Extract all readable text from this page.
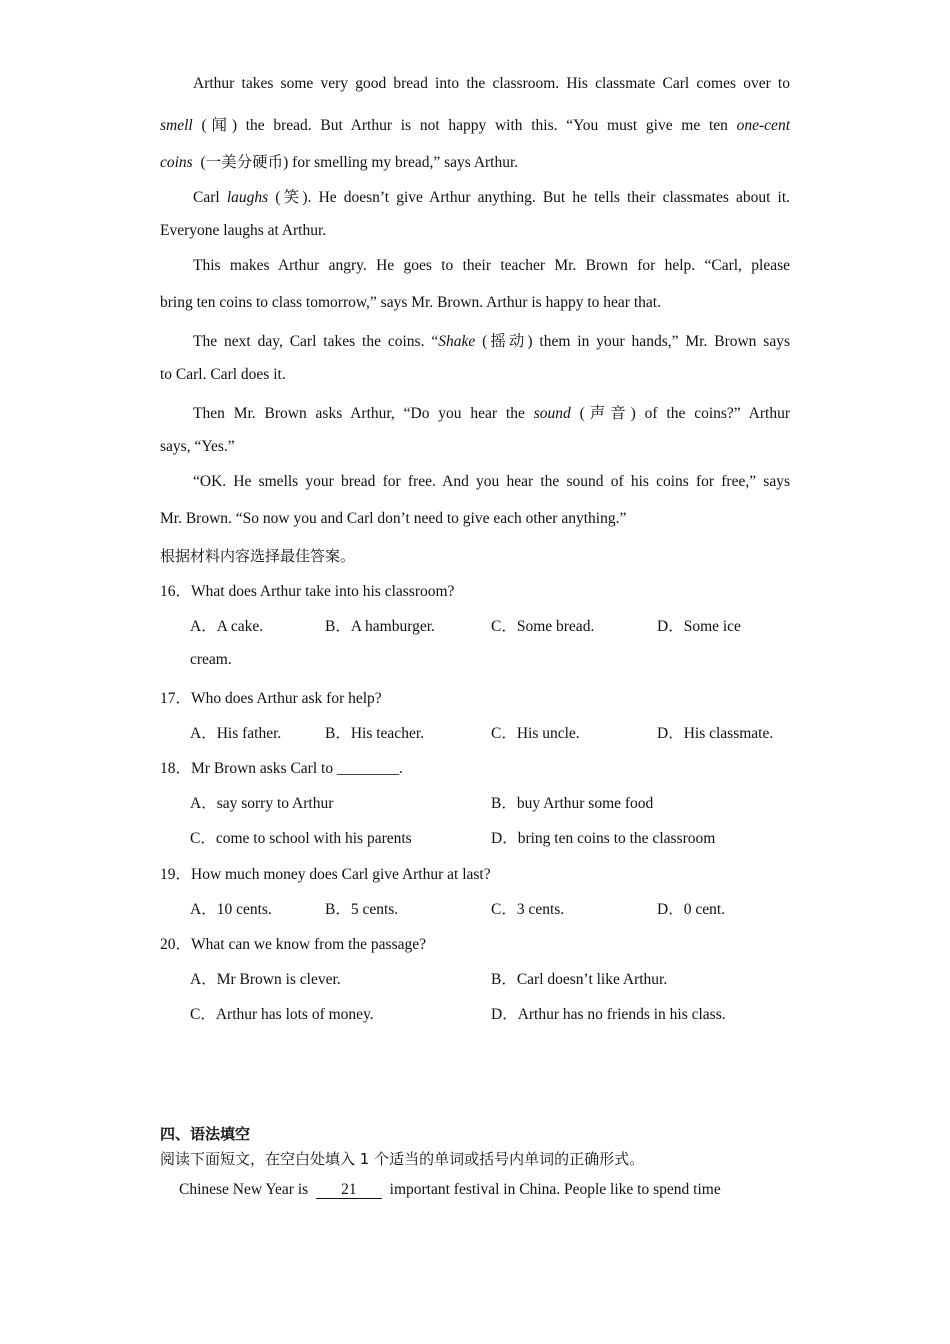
Arthur takes some very good bread into the classroom. His classmate Carl comes over to
smell (闻) the bread. But Arthur is not happy with this. “You must give me ten one-cent
coins (一美分硬币) for smelling my bread,” says Arthur.
Carl laughs (笑). He doesn’t give Arthur anything. But he tells their classmates about it.
Everyone laughs at Arthur.
This makes Arthur angry. He goes to their teacher Mr. Brown for help. “Carl, please
bring ten coins to class tomorrow,” says Mr. Brown. Arthur is happy to hear that.
The next day, Carl takes the coins. “Shake (摇动) them in your hands,” Mr. Brown says
to Carl. Carl does it.
Then Mr. Brown asks Arthur, “Do you hear the sound (声音) of the coins?” Arthur
says, “Yes.”
“OK. He smells your bread for free. And you hear the sound of his coins for free,” says
Mr. Brown. “So now you and Carl don’t need to give each other anything.”
根据材料内容选择最佳答案。
16．What does Arthur take into his classroom?
A．A cake.	B．A hamburger.	C．Some bread.	D．Some ice
cream.
17．Who does Arthur ask for help?
A．His father.	B．His teacher.	C．His uncle.	D．His classmate.
18．Mr Brown asks Carl to ________.
A．say sorry to Arthur	B．buy Arthur some food
C．come to school with his parents	D．bring ten coins to the classroom
19．How much money does Carl give Arthur at last?
A．10 cents.	B．5 cents.	C．3 cents.	D．0 cent.
20．What can we know from the passage?
A．Mr Brown is clever.	B．Carl doesn’t like Arthur.
C．Arthur has lots of money.	D．Arthur has no friends in his class.
四、语法填空
阅读下面短文，在空白处填入 1 个适当的单词或括号内单词的正确形式。
Chinese New Year is 21 important festival in China. People like to spend time
